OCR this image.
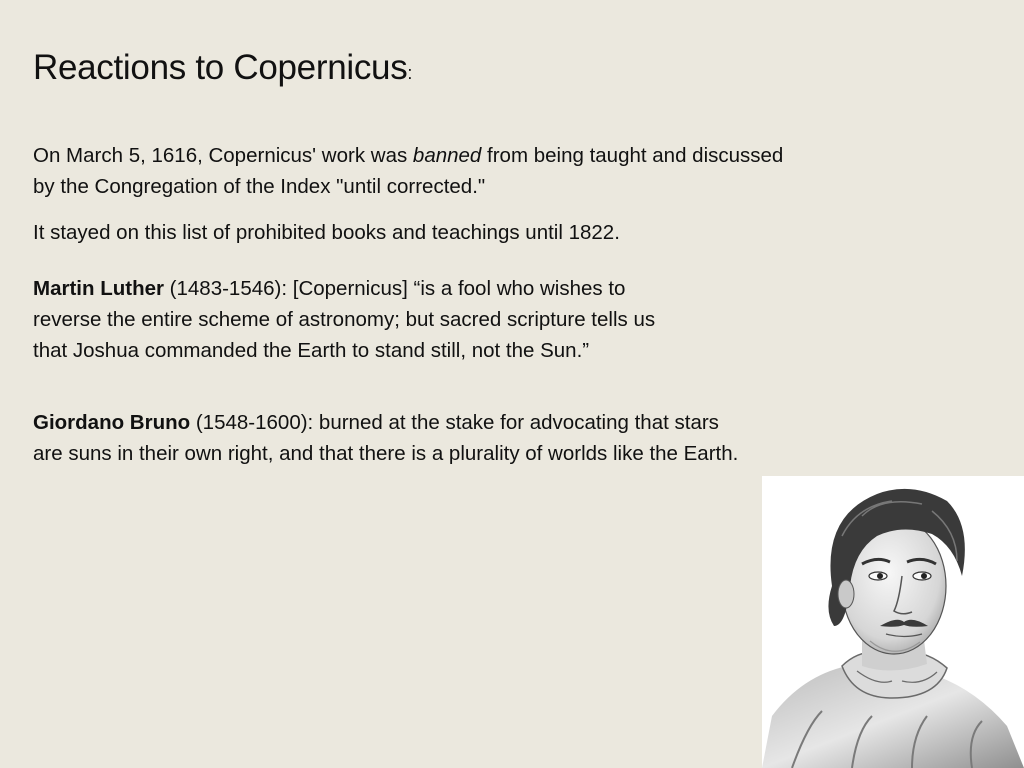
Reactions to Copernicus:
On March 5, 1616, Copernicus' work was banned from being taught and discussed
by the Congregation of the Index "until corrected."
It stayed on this list of prohibited books and teachings until 1822.
Martin Luther (1483-1546): [Copernicus] “is a fool who wishes to
reverse the entire scheme of astronomy; but sacred scripture tells us
that Joshua commanded the Earth to stand still, not the Sun.”
Giordano Bruno (1548-1600): burned at the stake for advocating that stars
are suns in their own right, and that there is a plurality of worlds like the Earth.
